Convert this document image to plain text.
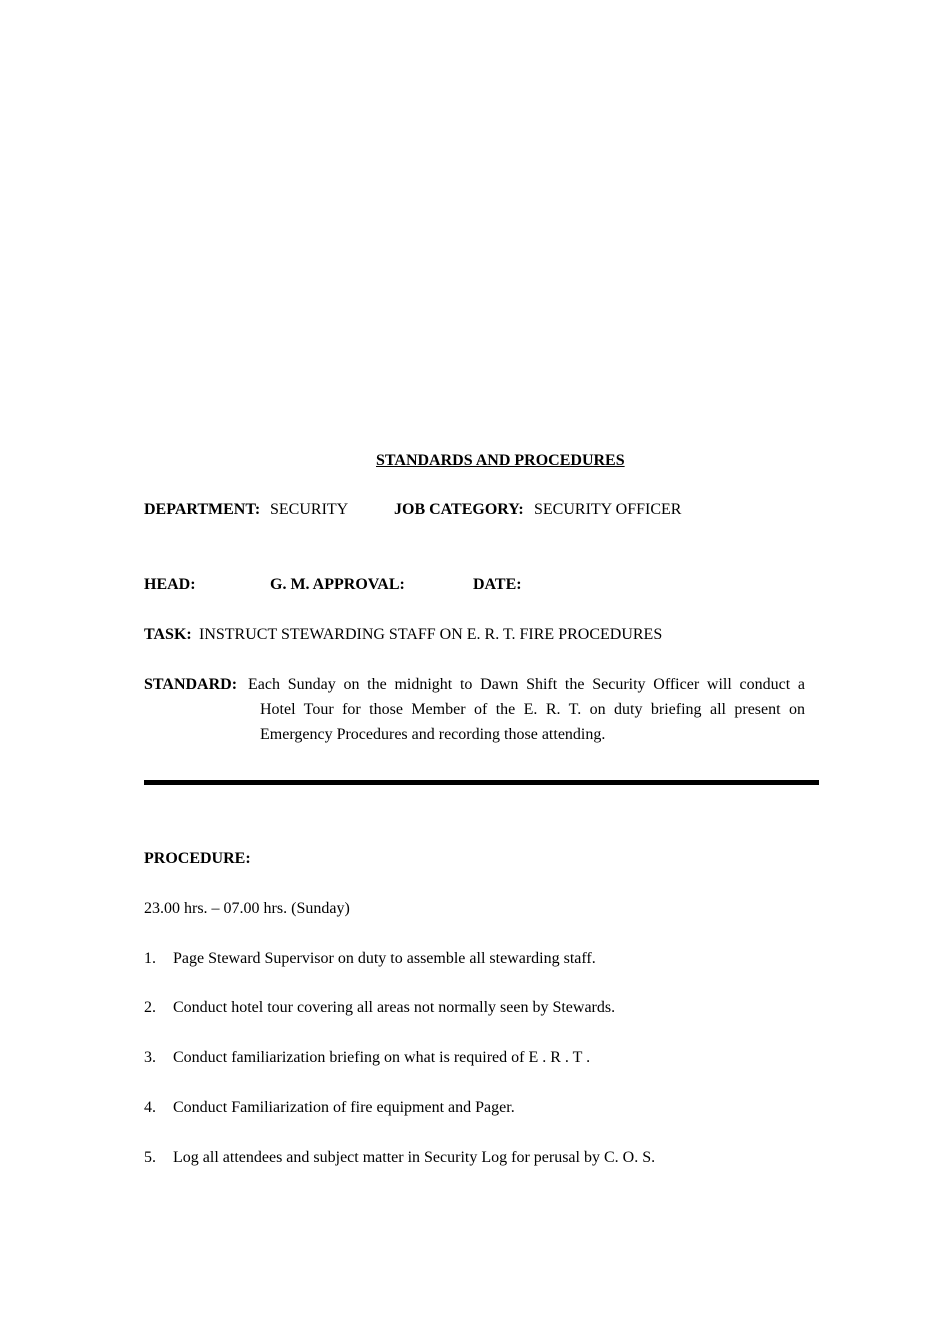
STANDARDS AND PROCEDURES
DEPARTMENT: SECURITY	JOB CATEGORY: SECURITY OFFICER
HEAD:	G. M. APPROVAL:	DATE:
TASK: INSTRUCT STEWARDING STAFF ON E. R. T. FIRE PROCEDURES
STANDARD: Each Sunday on the midnight to Dawn Shift the Security Officer will conduct a
Hotel Tour for those Member of the E. R. T. on duty briefing all present on
Emergency Procedures and recording those attending.
PROCEDURE:
23.00 hrs. – 07.00 hrs. (Sunday)
1. Page Steward Supervisor on duty to assemble all stewarding staff.
2. Conduct hotel tour covering all areas not normally seen by Stewards.
3. Conduct familiarization briefing on what is required of E . R . T .
4. Conduct Familiarization of fire equipment and Pager.
5. Log all attendees and subject matter in Security Log for perusal by C. O. S.
